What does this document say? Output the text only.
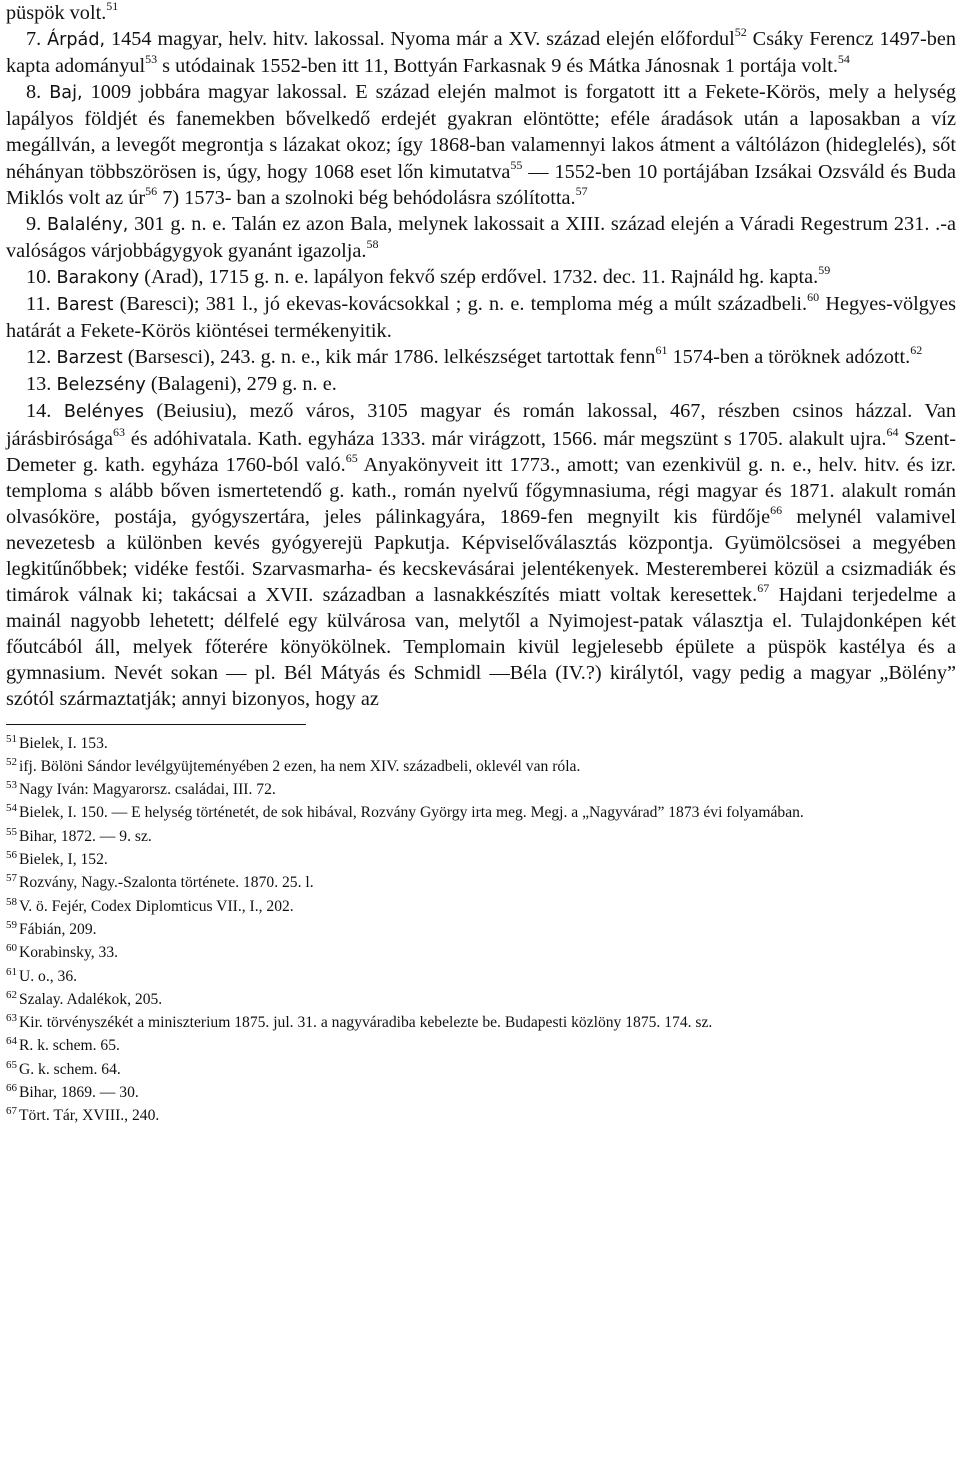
püspök volt.$^{51}$

7. Árpád, 1454 magyar, helv. hitv. lakossal. Nyoma már a XV. század elején előfordul$^{52}$ Csáky Ferencz 1497-ben kapta adományul$^{53}$ s utódainak 1552-ben itt 11, Bottyán Farkasnak 9 és Mátka Jánosnak 1 portája volt.$^{54}$

8. Baj, 1009 jobbára magyar lakossal. E század elején malmot is forgatott itt a Fekete-Körös, mely a helység lapályos földjét és fanemekben bővelkedő erdejét gyakran elöntötte; eféle áradások után a laposakban a víz megállván, a levegőt megrontja s lázakat okoz; így 1868-ban valamennyi lakos átment a váltólázon (hideglelés), sőt néhányan többszörösen is, úgy, hogy 1068 eset lőn kimutatva$^{55}$ — 1552-ben 10 portájában Izsákai Ozsváld és Buda Miklós volt az $úr^{56}$ 7) 1573- ban a szolnoki bég behódolásra szólította.$^{57}$

9. Balalény, 301 g. n. e. Talán ez azon Bala, melynek lakossait a XIII. század elején a Váradi Regestrum 231. .-a valóságos várjobbágygyok gyanánt igazolja.$^{58}$

10. Barakony (Arad), 1715 g. n. e. lapályon fekvő szép erdővel. 1732. dec. 11. Rajnáld hg. kapta.$^{59}$

11. Barest (Baresci); 381 l., jó ekevas-kovácsokkal ; g. n. e. temploma még a múlt századbeli.$^{60}$ Hegyes-völgyes határát a Fekete-Körös kiöntései termékenyitik.

12. Barzest (Barsesci), 243. g. n. e., kik már 1786. lelkészséget tartottak fenn$^{61}$ 1574-ben a töröknek adózott.$^{62}$

13. Belezsény (Balageni), 279 g. n. e.

14. Belényes (Beiusiu), mező város, 3105 magyar és román lakossal, 467, részben csinos házzal. Van járásbirósága$^{63}$ és adóhivatala. Kath. egyháza 1333. már virágzott, 1566. már megszünt s 1705. alakult ujra.$^{64}$ Szent-Demeter g. kath. egyháza 1760-ból való.$^{65}$ Anyakönyveit itt 1773., amott; van ezenkivül g. n. e., helv. hitv. és izr. temploma s alább bőven ismertetendő g. kath., román nyelvű főgymnasiuma, régi magyar és 1871. alakult román olvasóköre, postája, gyógyszertára, jeles pálinkagyára, 1869-fen megnyilt kis fürdője$^{66}$ melynél valamivel nevezetesb a különben kevés gyógyerejü Papkutja. Képviselőválasztás központja. Gyümölcsösei a megyében legkitűnőbbek; vidéke festői. Szarvasmarha- és kecskevásárai jelentékenyek. Mesteremberei közül a csizmadiák és timárok válnak ki; takácsai a XVII. században a lasnakkészítés miatt voltak keresettek.$^{67}$ Hajdani terjedelme a mainál nagyobb lehetett; délfelé egy külvárosa van, melytől a Nyimojest-patak választja el. Tulajdonképen két főutcából áll, melyek főterére könyökölnek. Templomain kivül legjelesebb épülete a püspök kastélya és a gymnasium. Nevét sokan — pl. Bél Mátyás és Schmidl —Béla (IV.?) királytól, vagy pedig a magyar „Bölény” szótól származtatják; annyi bizonyos, hogy az

$^{51}$ Bielek, I. 153.

$^{52}$ ifj. Bölöni Sándor levélgyüjteményében 2 ezen, ha nem XIV. századbeli, oklevél van róla.

$^{53}$ Nagy Iván: Magyarorsz. családai, III. 72.

$^{54}$ Bielek, I. 150. — E helység történetét, de sok hibával, Rozvány György irta meg. Megj. a „Nagyvárad” 1873 évi folyamában.

$^{55}$ Bihar, 1872. — 9. sz.

$^{56}$ Bielek, I, 152.

$^{57}$ Rozvány, Nagy.-Szalonta története. 1870. 25. l.

$^{58}$ V. ö. Fejér, Codex Diplomticus VII., I., 202.

$^{59}$ Fábián, 209.

$^{60}$ Korabinsky, 33.

$^{61}$ U. o., 36.

$^{62}$ Szalay. Adalékok, 205.

$^{63}$ Kir. törvényszékét a miniszterium 1875. jul. 31. a nagyváradiba kebelezte be. Budapesti közlöny 1875. 174. sz.

$^{64}$ R. k. schem. 65.

$^{65}$ G. k. schem. 64.

$^{66}$ Bihar, 1869. — 30.

$^{67}$ Tört. Tár, XVIII., 240.
